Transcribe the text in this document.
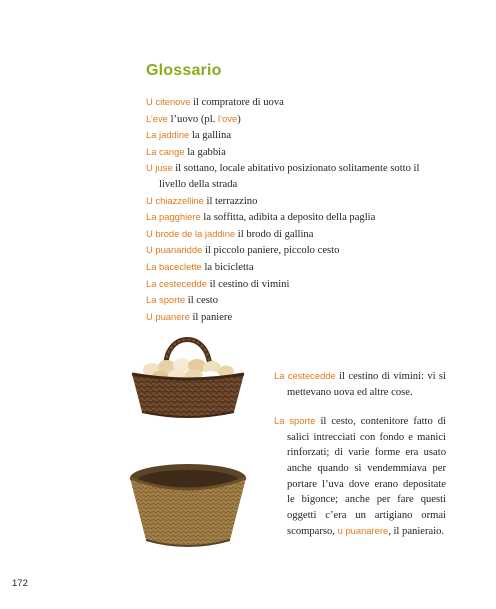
Glossario
U citenove il compratore di uova
L’eve l’uovo (pl. l’ove)
La jaddine la gallina
La cange la gabbia
U juse il sottano, locale abitativo posizionato solitamente sotto il livello della strada
U chiazzelline il terrazzino
La pagghiere la soffitta, adibita a deposito della paglia
U brode de la jaddine il brodo di gallina
U puanaridde il piccolo paniere, piccolo cesto
La baceclette la bicicletta
La cestecedde il cestino di vimini
La sporte il cesto
U puanere il paniere
La cestecedde il cestino di vimini: vi si mettevano uova ed altre cose.
La sporte il cesto, contenitore fatto di salici intrecciati con fondo e manici rinforzati; di varie forme era usato anche quando si vendemmiava per portare l’uva dove erano depositate le bigonce; anche per fare questi oggetti c’era un artigiano ormai scomparso, u puanarere, il panieraio.
172
